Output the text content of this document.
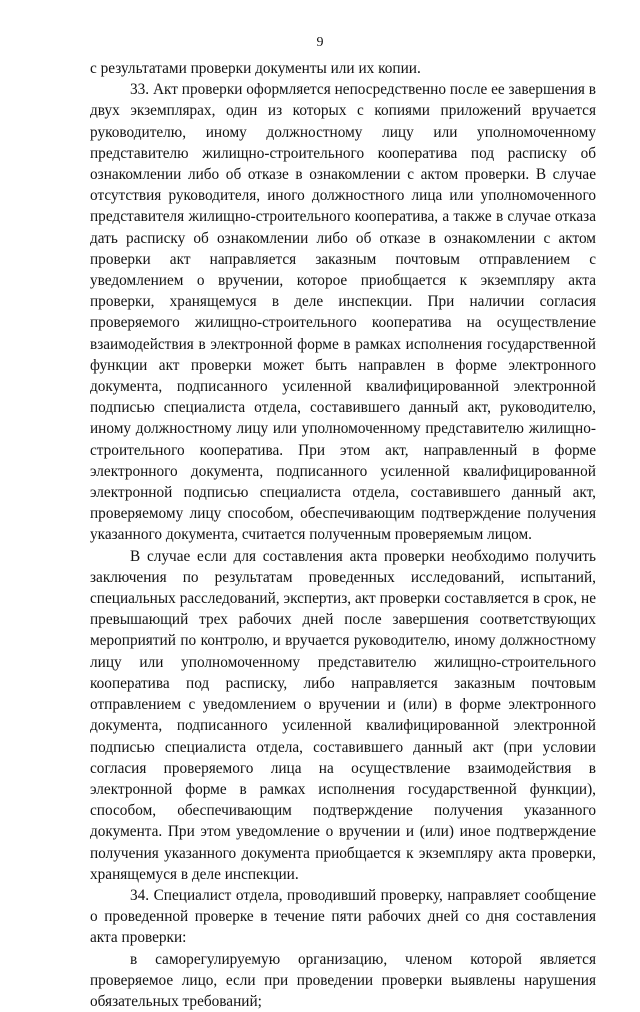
9

с результатами проверки документы или их копии.

33. Акт проверки оформляется непосредственно после ее завершения в двух экземплярах, один из которых с копиями приложений вручается руководителю, иному должностному лицу или уполномоченному представителю жилищно-строительного кооператива под расписку об ознакомлении либо об отказе в ознакомлении с актом проверки. В случае отсутствия руководителя, иного должностного лица или уполномоченного представителя жилищно-строительного кооператива, а также в случае отказа дать расписку об ознакомлении либо об отказе в ознакомлении с актом проверки акт направляется заказным почтовым отправлением с уведомлением о вручении, которое приобщается к экземпляру акта проверки, хранящемуся в деле инспекции. При наличии согласия проверяемого жилищно-строительного кооператива на осуществление взаимодействия в электронной форме в рамках исполнения государственной функции акт проверки может быть направлен в форме электронного документа, подписанного усиленной квалифицированной электронной подписью специалиста отдела, составившего данный акт, руководителю, иному должностному лицу или уполномоченному представителю жилищно-строительного кооператива. При этом акт, направленный в форме электронного документа, подписанного усиленной квалифицированной электронной подписью специалиста отдела, составившего данный акт, проверяемому лицу способом, обеспечивающим подтверждение получения указанного документа, считается полученным проверяемым лицом.

В случае если для составления акта проверки необходимо получить заключения по результатам проведенных исследований, испытаний, специальных расследований, экспертиз, акт проверки составляется в срок, не превышающий трех рабочих дней после завершения соответствующих мероприятий по контролю, и вручается руководителю, иному должностному лицу или уполномоченному представителю жилищно-строительного кооператива под расписку, либо направляется заказным почтовым отправлением с уведомлением о вручении и (или) в форме электронного документа, подписанного усиленной квалифицированной электронной подписью специалиста отдела, составившего данный акт (при условии согласия проверяемого лица на осуществление взаимодействия в электронной форме в рамках исполнения государственной функции), способом, обеспечивающим подтверждение получения указанного документа. При этом уведомление о вручении и (или) иное подтверждение получения указанного документа приобщается к экземпляру акта проверки, хранящемуся в деле инспекции.

34. Специалист отдела, проводивший проверку, направляет сообщение о проведенной проверке в течение пяти рабочих дней со дня составления акта проверки:

в саморегулируемую организацию, членом которой является проверяемое лицо, если при проведении проверки выявлены нарушения обязательных требований;
